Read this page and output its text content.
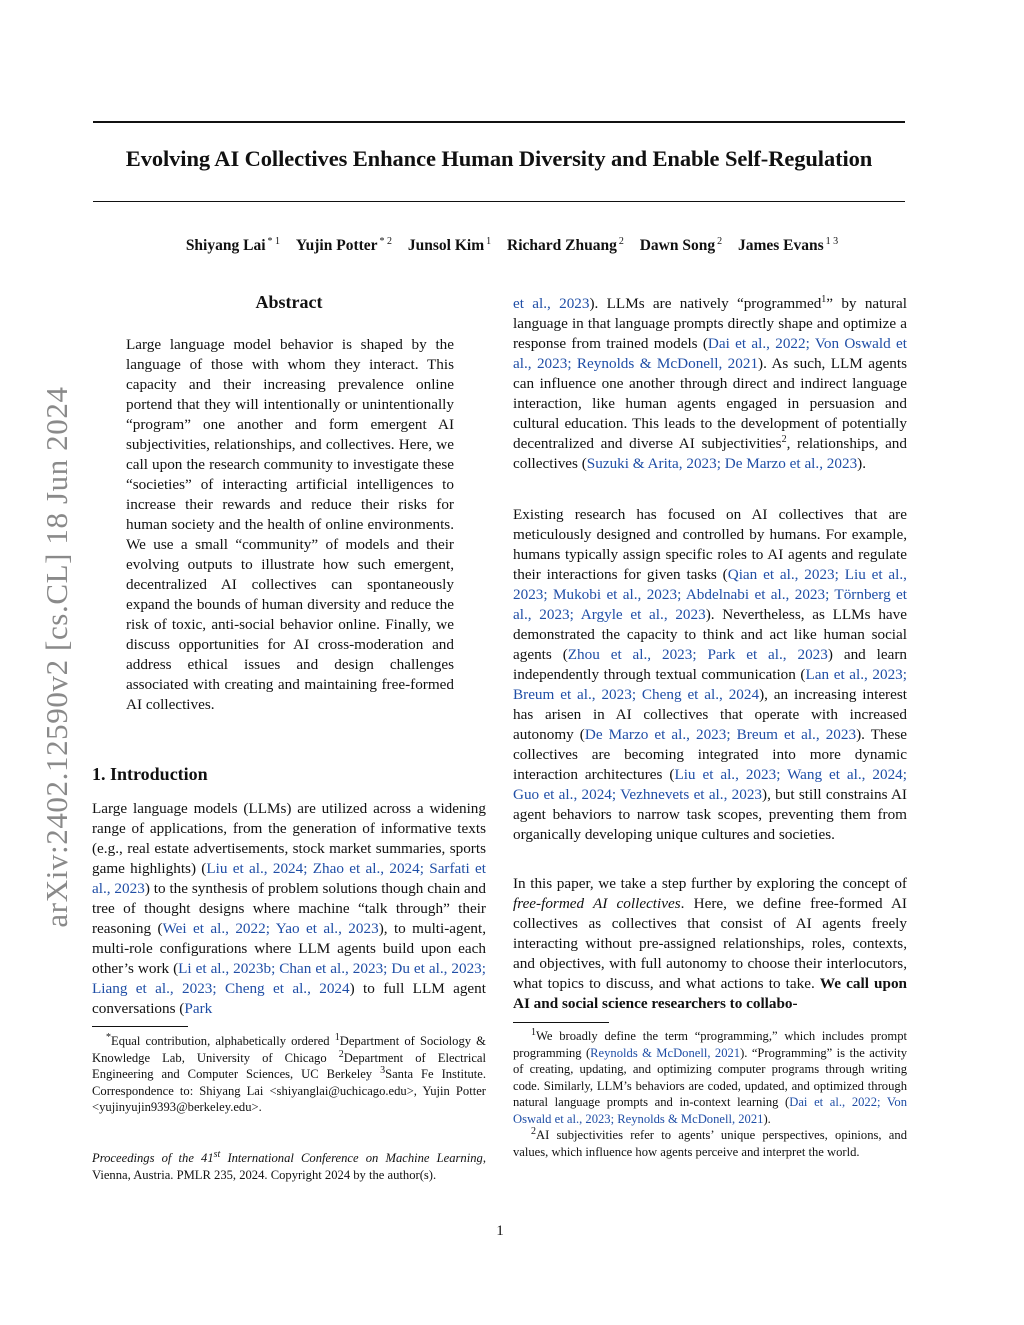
arXiv:2402.12590v2 [cs.CL] 18 Jun 2024
Evolving AI Collectives Enhance Human Diversity and Enable Self-Regulation
Shiyang Lai $^{* 1}$ Yujin Potter $^{* 2}$ Junsol Kim $^1$ Richard Zhuang $^2$ Dawn Song $^2$ James Evans $^{1 3}$
Abstract

Large language model behavior is shaped by the language of those with whom they interact. This capacity and their increasing prevalence online portend that they will intentionally or unintentionally “program” one another and form emergent AI subjectivities, relationships, and collectives. Here, we call upon the research community to investigate these “societies” of interacting artificial intelligences to increase their rewards and reduce their risks for human society and the health of online environments. We use a small “community” of models and their evolving outputs to illustrate how such emergent, decentralized AI collectives can spontaneously expand the bounds of human diversity and reduce the risk of toxic, anti-social behavior online. Finally, we discuss opportunities for AI cross-moderation and address ethical issues and design challenges associated with creating and maintaining free-formed AI collectives.

1. Introduction

Large language models (LLMs) are utilized across a widening range of applications, from the generation of informative texts (e.g., real estate advertisements, stock market summaries, sports game highlights) (Liu et al., 2024; Zhao et al., 2024; Sarfati et al., 2023) to the synthesis of problem solutions though chain and tree of thought designs where machine “talk through” their reasoning (Wei et al., 2022; Yao et al., 2023), to multi-agent, multi-role configurations where LLM agents build upon each other’s work (Li et al., 2023b; Chan et al., 2023; Du et al., 2023; Liang et al., 2023; Cheng et al., 2024) to full LLM agent conversations (Park

*Equal contribution, alphabetically ordered $^1$Department of Sociology & Knowledge Lab, University of Chicago $^2$Department of Electrical Engineering and Computer Sciences, UC Berkeley $^3$Santa Fe Institute. Correspondence to: Shiyang Lai <shiyanglai@uchicago.edu>, Yujin Potter <yujinyujin9393@berkeley.edu>.

Proceedings of the 41st International Conference on Machine Learning, Vienna, Austria. PMLR 235, 2024. Copyright 2024 by the author(s).

et al., 2023). LLMs are natively “programmed$^1$” by natural language in that language prompts directly shape and optimize a response from trained models (Dai et al., 2022; Von Oswald et al., 2023; Reynolds & McDonell, 2021). As such, LLM agents can influence one another through direct and indirect language interaction, like human agents engaged in persuasion and cultural education. This leads to the development of potentially decentralized and diverse AI subjectivities$^2$, relationships, and collectives (Suzuki & Arita, 2023; De Marzo et al., 2023).

Existing research has focused on AI collectives that are meticulously designed and controlled by humans. For example, humans typically assign specific roles to AI agents and regulate their interactions for given tasks (Qian et al., 2023; Liu et al., 2023; Mukobi et al., 2023; Abdelnabi et al., 2023; Törnberg et al., 2023; Argyle et al., 2023). Nevertheless, as LLMs have demonstrated the capacity to think and act like human social agents (Zhou et al., 2023; Park et al., 2023) and learn independently through textual communication (Lan et al., 2023; Breum et al., 2023; Cheng et al., 2024), an increasing interest has arisen in AI collectives that operate with increased autonomy (De Marzo et al., 2023; Breum et al., 2023). These collectives are becoming integrated into more dynamic interaction architectures (Liu et al., 2023; Wang et al., 2024; Guo et al., 2024; Vezhnevets et al., 2023), but still constrains AI agent behaviors to narrow task scopes, preventing them from organically developing unique cultures and societies.

In this paper, we take a step further by exploring the concept of free-formed AI collectives. Here, we define free-formed AI collectives as collectives that consist of AI agents freely interacting without pre-assigned relationships, roles, contexts, and objectives, with full autonomy to choose their interlocutors, what topics to discuss, and what actions to take. We call upon AI and social science researchers to collabo-

$^1$We broadly define the term “programming,” which includes prompt programming (Reynolds & McDonell, 2021). “Programming” is the activity of creating, updating, and optimizing computer programs through writing code. Similarly, LLM’s behaviors are coded, updated, and optimized through natural language prompts and in-context learning (Dai et al., 2022; Von Oswald et al., 2023; Reynolds & McDonell, 2021).

$^2$AI subjectivities refer to agents’ unique perspectives, opinions, and values, which influence how agents perceive and interpret the world.

1
